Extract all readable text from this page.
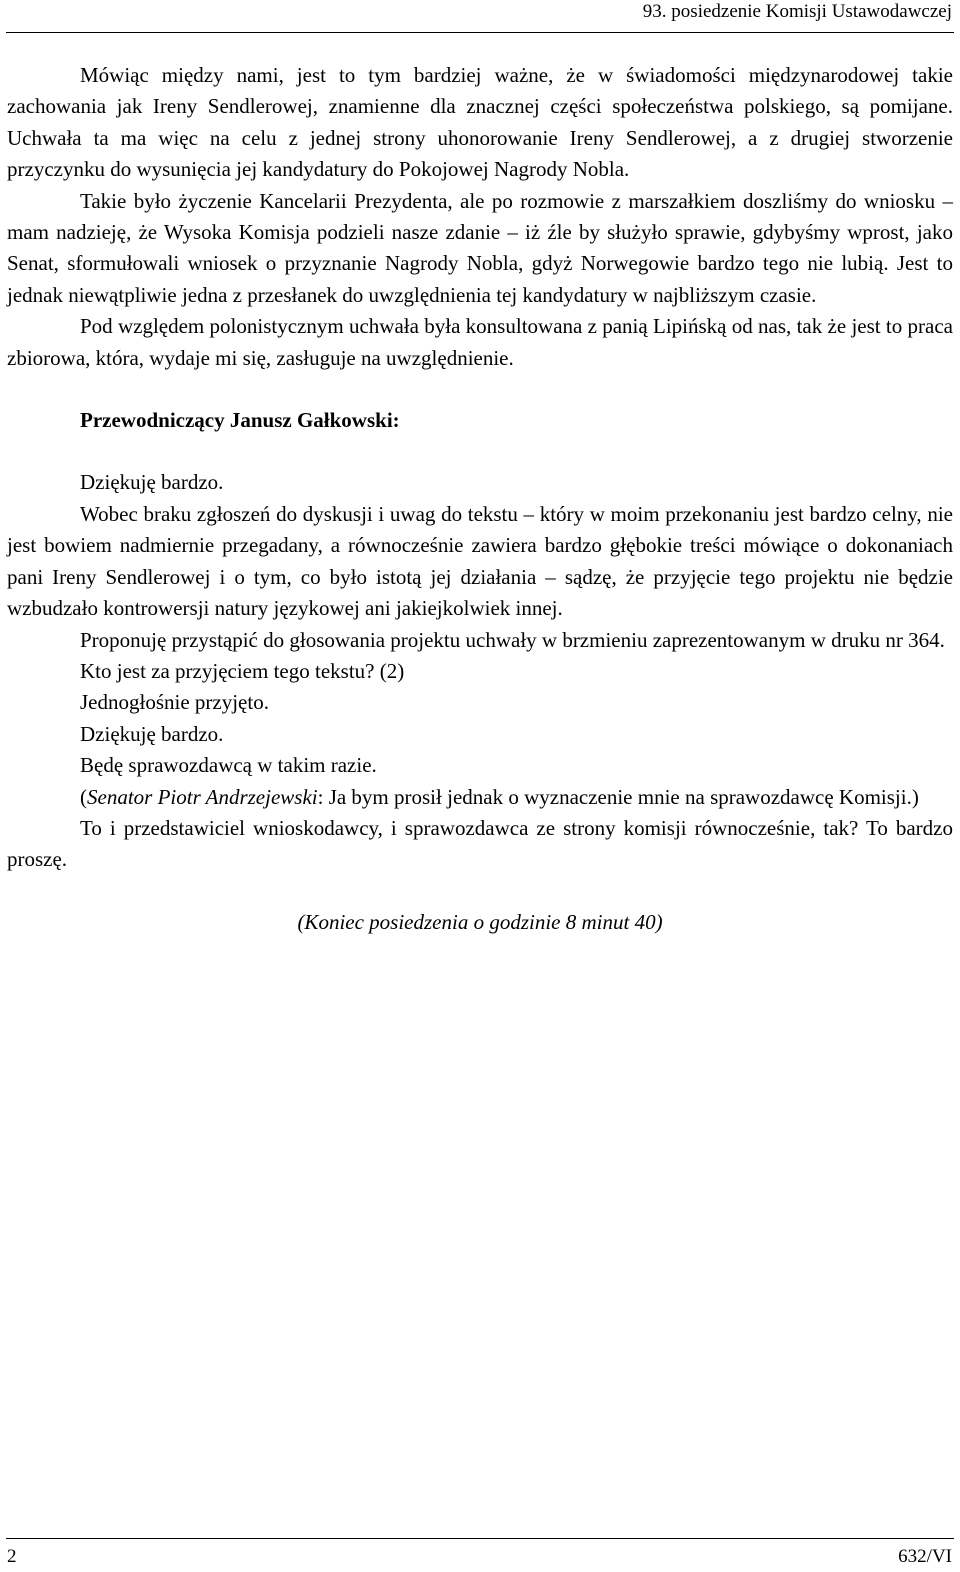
93. posiedzenie Komisji Ustawodawczej

Mówiąc między nami, jest to tym bardziej ważne, że w świadomości międzynarodowej takie zachowania jak Ireny Sendlerowej, znamienne dla znacznej części społeczeństwa polskiego, są pomijane. Uchwała ta ma więc na celu z jednej strony uhonorowanie Ireny Sendlerowej, a z drugiej stworzenie przyczynku do wysunięcia jej kandydatury do Pokojowej Nagrody Nobla.

Takie było życzenie Kancelarii Prezydenta, ale po rozmowie z marszałkiem doszliśmy do wniosku – mam nadzieję, że Wysoka Komisja podzieli nasze zdanie – iż źle by służyło sprawie, gdybyśmy wprost, jako Senat, sformułowali wniosek o przyznanie Nagrody Nobla, gdyż Norwegowie bardzo tego nie lubią. Jest to jednak niewątpliwie jedna z przesłanek do uwzględnienia tej kandydatury w najbliższym czasie.

Pod względem polonistycznym uchwała była konsultowana z panią Lipińską od nas, tak że jest to praca zbiorowa, która, wydaje mi się, zasługuje na uwzględnienie.

Przewodniczący Janusz Gałkowski:

Dziękuję bardzo.

Wobec braku zgłoszeń do dyskusji i uwag do tekstu – który w moim przekonaniu jest bardzo celny, nie jest bowiem nadmiernie przegadany, a równocześnie zawiera bardzo głębokie treści mówiące o dokonaniach pani Ireny Sendlerowej i o tym, co było istotą jej działania – sądzę, że przyjęcie tego projektu nie będzie wzbudzało kontrowersji natury językowej ani jakiejkolwiek innej.

Proponuję przystąpić do głosowania projektu uchwały w brzmieniu zaprezentowanym w druku nr 364.

Kto jest za przyjęciem tego tekstu? (2)

Jednogłośnie przyjęto.

Dziękuję bardzo.

Będę sprawozdawcą w takim razie.

(Senator Piotr Andrzejewski: Ja bym prosił jednak o wyznaczenie mnie na sprawozdawcę Komisji.)

To i przedstawiciel wnioskodawcy, i sprawozdawca ze strony komisji równocześnie, tak? To bardzo proszę.

(Koniec posiedzenia o godzinie 8 minut 40)

2	632/VI
